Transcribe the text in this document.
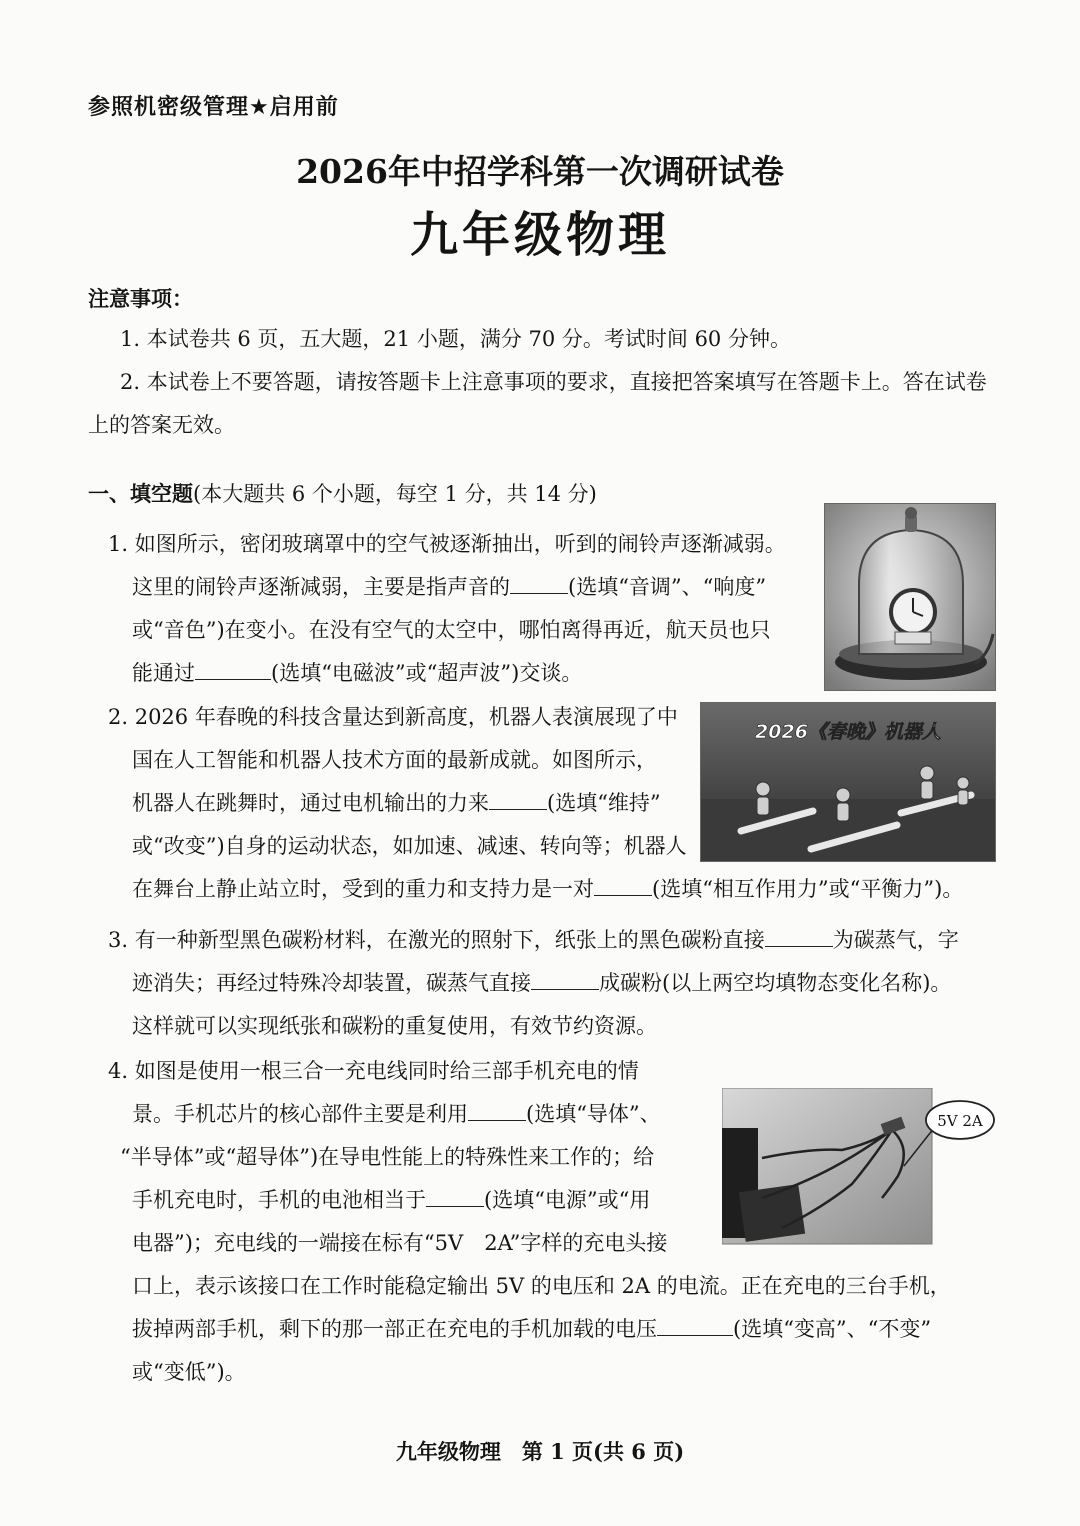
参照机密级管理★启用前
2026年中招学科第一次调研试卷
九年级物理
注意事项：
1. 本试卷共 6 页，五大题，21 小题，满分 70 分。考试时间 60 分钟。
2. 本试卷上不要答题，请按答题卡上注意事项的要求，直接把答案填写在答题卡上。答在试卷上的答案无效。
一、填空题(本大题共 6 个小题，每空 1 分，共 14 分)
1. 如图所示，密闭玻璃罩中的空气被逐渐抽出，听到的闹铃声逐渐减弱。
这里的闹铃声逐渐减弱，主要是指声音的	(选填“音调”、“响度”
或“音色”)在变小。在没有空气的太空中，哪怕离得再近，航天员也只
能通过	(选填“电磁波”或“超声波”)交谈。
2. 2026 年春晚的科技含量达到新高度，机器人表演展现了中
国在人工智能和机器人技术方面的最新成就。如图所示，
机器人在跳舞时，通过电机输出的力来	(选填“维持”
或“改变”)自身的运动状态，如加速、减速、转向等；机器人
在舞台上静止站立时，受到的重力和支持力是一对	(选填“相互作用力”或“平衡力”)。
2026《春晚》机器人
3. 有一种新型黑色碳粉材料，在激光的照射下，纸张上的黑色碳粉直接	为碳蒸气，字
迹消失；再经过特殊冷却装置，碳蒸气直接	成碳粉(以上两空均填物态变化名称)。
这样就可以实现纸张和碳粉的重复使用，有效节约资源。
4. 如图是使用一根三合一充电线同时给三部手机充电的情
景。手机芯片的核心部件主要是利用	(选填“导体”、
“半导体”或“超导体”)在导电性能上的特殊性来工作的；给
手机充电时，手机的电池相当于	(选填“电源”或“用
电器”)；充电线的一端接在标有“5V　2A”字样的充电头接
口上，表示该接口在工作时能稳定输出 5V 的电压和 2A 的电流。正在充电的三台手机，
拔掉两部手机，剩下的那一部正在充电的手机加载的电压	(选填“变高”、“不变”
或“变低”)。
5V 2A
九年级物理　第 1 页(共 6 页)
